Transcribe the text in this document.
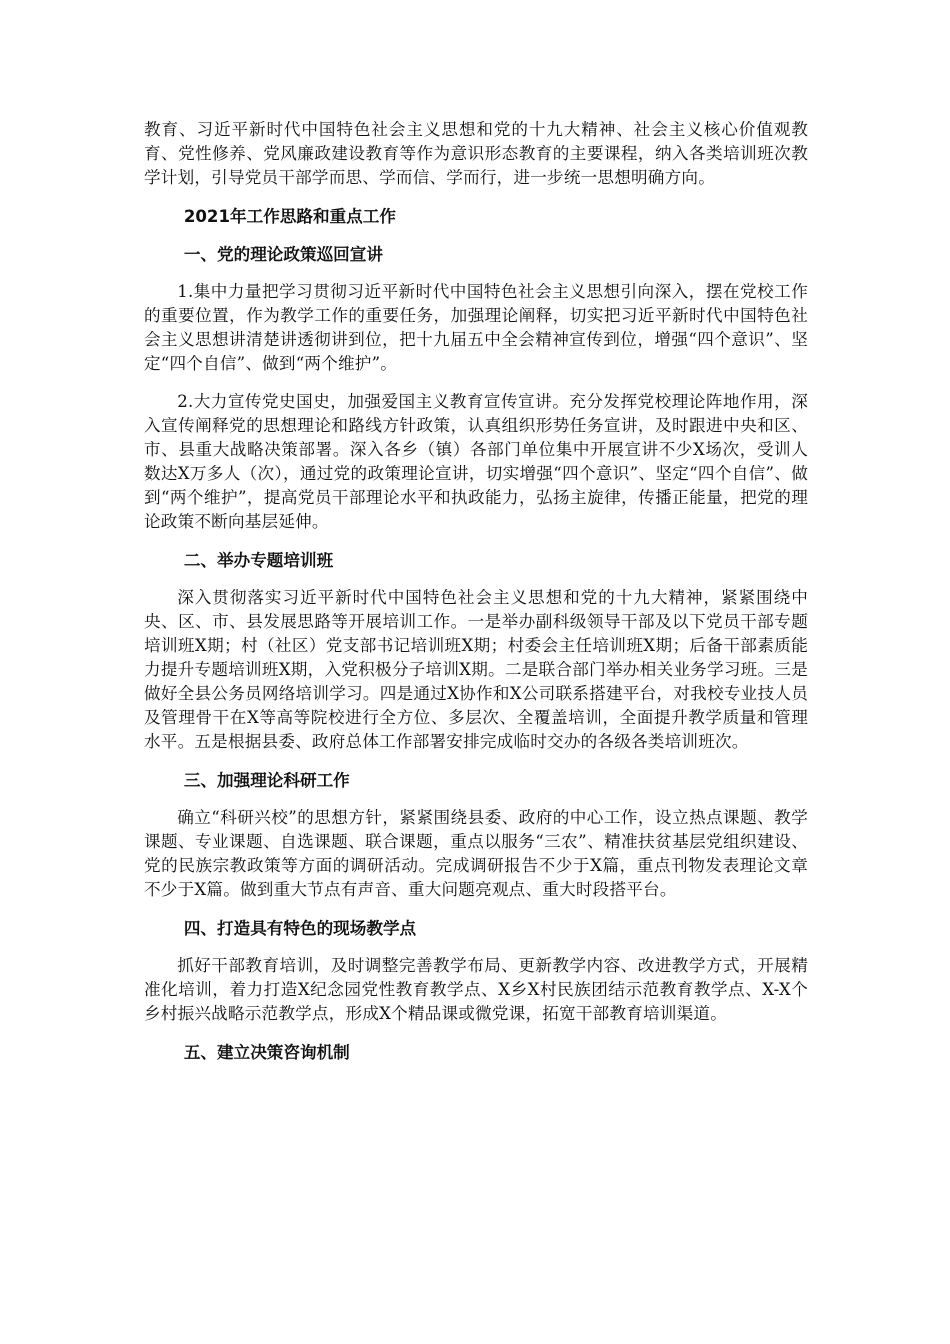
教育、习近平新时代中国特色社会主义思想和党的十九大精神、社会主义核心价值观教育、党性修养、党风廉政建设教育等作为意识形态教育的主要课程，纳入各类培训班次教学计划，引导党员干部学而思、学而信、学而行，进一步统一思想明确方向。

2021年工作思路和重点工作
一、党的理论政策巡回宣讲

1.集中力量把学习贯彻习近平新时代中国特色社会主义思想引向深入，摆在党校工作的重要位置，作为教学工作的重要任务，加强理论阐释，切实把习近平新时代中国特色社会主义思想讲清楚讲透彻讲到位，把十九届五中全会精神宣传到位，增强“四个意识”、坚定“四个自信”、做到“两个维护”。

2.大力宣传党史国史，加强爱国主义教育宣传宣讲。充分发挥党校理论阵地作用，深入宣传阐释党的思想理论和路线方针政策，认真组织形势任务宣讲，及时跟进中央和区、市、县重大战略决策部署。深入各乡（镇）各部门单位集中开展宣讲不少X场次，受训人数达X万多人（次），通过党的政策理论宣讲，切实增强“四个意识”、坚定“四个自信”、做到“两个维护”，提高党员干部理论水平和执政能力，弘扬主旋律，传播正能量，把党的理论政策不断向基层延伸。

二、举办专题培训班

深入贯彻落实习近平新时代中国特色社会主义思想和党的十九大精神，紧紧围绕中央、区、市、县发展思路等开展培训工作。一是举办副科级领导干部及以下党员干部专题培训班X期；村（社区）党支部书记培训班X期；村委会主任培训班X期；后备干部素质能力提升专题培训班X期，入党积极分子培训X期。二是联合部门举办相关业务学习班。三是做好全县公务员网络培训学习。四是通过X协作和X公司联系搭建平台，对我校专业技人员及管理骨干在X等高等院校进行全方位、多层次、全覆盖培训，全面提升教学质量和管理水平。五是根据县委、政府总体工作部署安排完成临时交办的各级各类培训班次。

三、加强理论科研工作

确立“科研兴校”的思想方针，紧紧围绕县委、政府的中心工作，设立热点课题、教学课题、专业课题、自选课题、联合课题，重点以服务“三农”、精准扶贫基层党组织建设、党的民族宗教政策等方面的调研活动。完成调研报告不少于X篇，重点刊物发表理论文章不少于X篇。做到重大节点有声音、重大问题亮观点、重大时段搭平台。

四、打造具有特色的现场教学点

抓好干部教育培训，及时调整完善教学布局、更新教学内容、改进教学方式，开展精准化培训，着力打造X纪念园党性教育教学点、X乡X村民族团结示范教育教学点、X-X个乡村振兴战略示范教学点，形成X个精品课或微党课，拓宽干部教育培训渠道。

五、建立决策咨询机制
